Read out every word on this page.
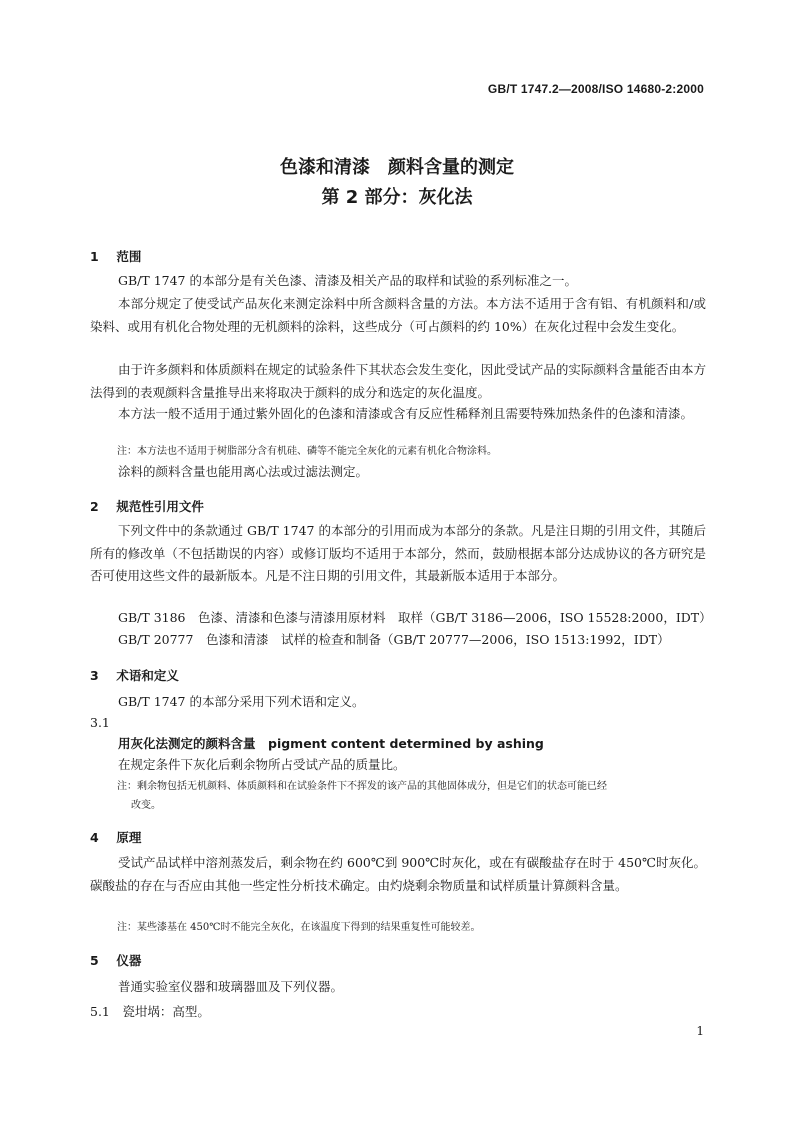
GB/T 1747.2—2008/ISO 14680-2:2000
色漆和清漆　颜料含量的测定
第 2 部分：灰化法
1 范围
GB/T 1747 的本部分是有关色漆、清漆及相关产品的取样和试验的系列标准之一。
本部分规定了使受试产品灰化来测定涂料中所含颜料含量的方法。本方法不适用于含有铝、有机颜料和/或染料、或用有机化合物处理的无机颜料的涂料，这些成分（可占颜料的约 10%）在灰化过程中会发生变化。
由于许多颜料和体质颜料在规定的试验条件下其状态会发生变化，因此受试产品的实际颜料含量能否由本方法得到的表观颜料含量推导出来将取决于颜料的成分和选定的灰化温度。
本方法一般不适用于通过紫外固化的色漆和清漆或含有反应性稀释剂且需要特殊加热条件的色漆和清漆。
注：本方法也不适用于树脂部分含有机硅、磷等不能完全灰化的元素有机化合物涂料。
涂料的颜料含量也能用离心法或过滤法测定。
2 规范性引用文件
下列文件中的条款通过 GB/T 1747 的本部分的引用而成为本部分的条款。凡是注日期的引用文件，其随后所有的修改单（不包括勘误的内容）或修订版均不适用于本部分，然而，鼓励根据本部分达成协议的各方研究是否可使用这些文件的最新版本。凡是不注日期的引用文件，其最新版本适用于本部分。
GB/T 3186　色漆、清漆和色漆与清漆用原材料　取样（GB/T 3186—2006，ISO 15528:2000，IDT）
GB/T 20777　色漆和清漆　试样的检查和制备（GB/T 20777—2006，ISO 1513:1992，IDT）
3 术语和定义
GB/T 1747 的本部分采用下列术语和定义。
3.1
用灰化法测定的颜料含量　pigment content determined by ashing
在规定条件下灰化后剩余物所占受试产品的质量比。
注：剩余物包括无机颜料、体质颜料和在试验条件下不挥发的该产品的其他固体成分，但是它们的状态可能已经
改变。
4 原理
受试产品试样中溶剂蒸发后，剩余物在约 600℃到 900℃时灰化，或在有碳酸盐存在时于 450℃时灰化。碳酸盐的存在与否应由其他一些定性分析技术确定。由灼烧剩余物质量和试样质量计算颜料含量。
注：某些漆基在 450℃时不能完全灰化，在该温度下得到的结果重复性可能较差。
5 仪器
普通实验室仪器和玻璃器皿及下列仪器。
5.1　瓷坩埚：高型。
1
